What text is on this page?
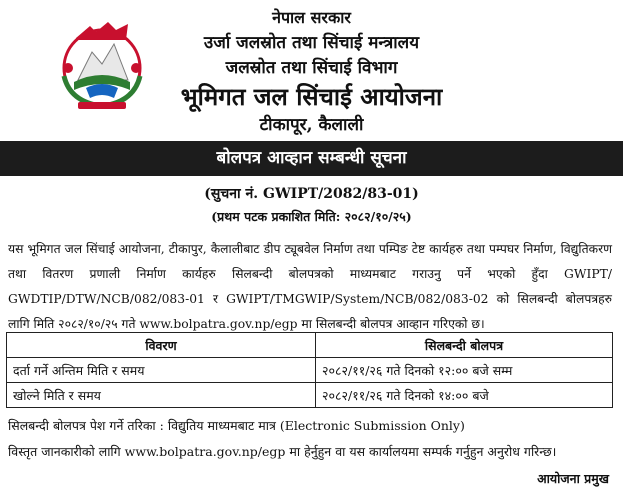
नेपाल सरकार
उर्जा जलस्रोत तथा सिंचाई मन्त्रालय
जलस्रोत तथा सिंचाई विभाग
भूमिगत जल सिंचाई आयोजना
टीकापूर, कैलाली
बोलपत्र आव्हान सम्बन्धी सूचना
(सुचना नं. GWIPT/2082/83-01)
(प्रथम पटक प्रकाशित मिति: २०८२/१०/२५)
यस भूमिगत जल सिंचाई आयोजना, टीकापुर, कैलालीबाट डीप ट्यूबवेल निर्माण तथा पम्पिङ टेष्ट कार्यहरु तथा पम्पघर निर्माण, विद्युतिकरण तथा वितरण प्रणाली निर्माण कार्यहरु सिलबन्दी बोलपत्रको माध्यमबाट गराउनु पर्ने भएको हुँदा GWIPT/ GWDTIP/DTW/NCB/082/083-01 र GWIPT/TMGWIP/System/NCB/082/083-02 को सिलबन्दी बोलपत्रहरु लागि मिति २०८२/१०/२५ गते www.bolpatra.gov.np/egp मा सिलबन्दी बोलपत्र आव्हान गरिएको छ।
विवरण	सिलबन्दी बोलपत्र
दर्ता गर्ने अन्तिम मिति र समय	२०८२/११/२६ गते दिनको १२:०० बजे सम्म
खोल्ने मिति र समय	२०८२/११/२६ गते दिनको १४:०० बजे
सिलबन्दी बोलपत्र पेश गर्ने तरिका : विद्युतिय माध्यमबाट मात्र (Electronic Submission Only)
विस्तृत जानकारीको लागि www.bolpatra.gov.np/egp मा हेर्नुहुन वा यस कार्यालयमा सम्पर्क गर्नुहुन अनुरोध गरिन्छ।
आयोजना प्रमुख
